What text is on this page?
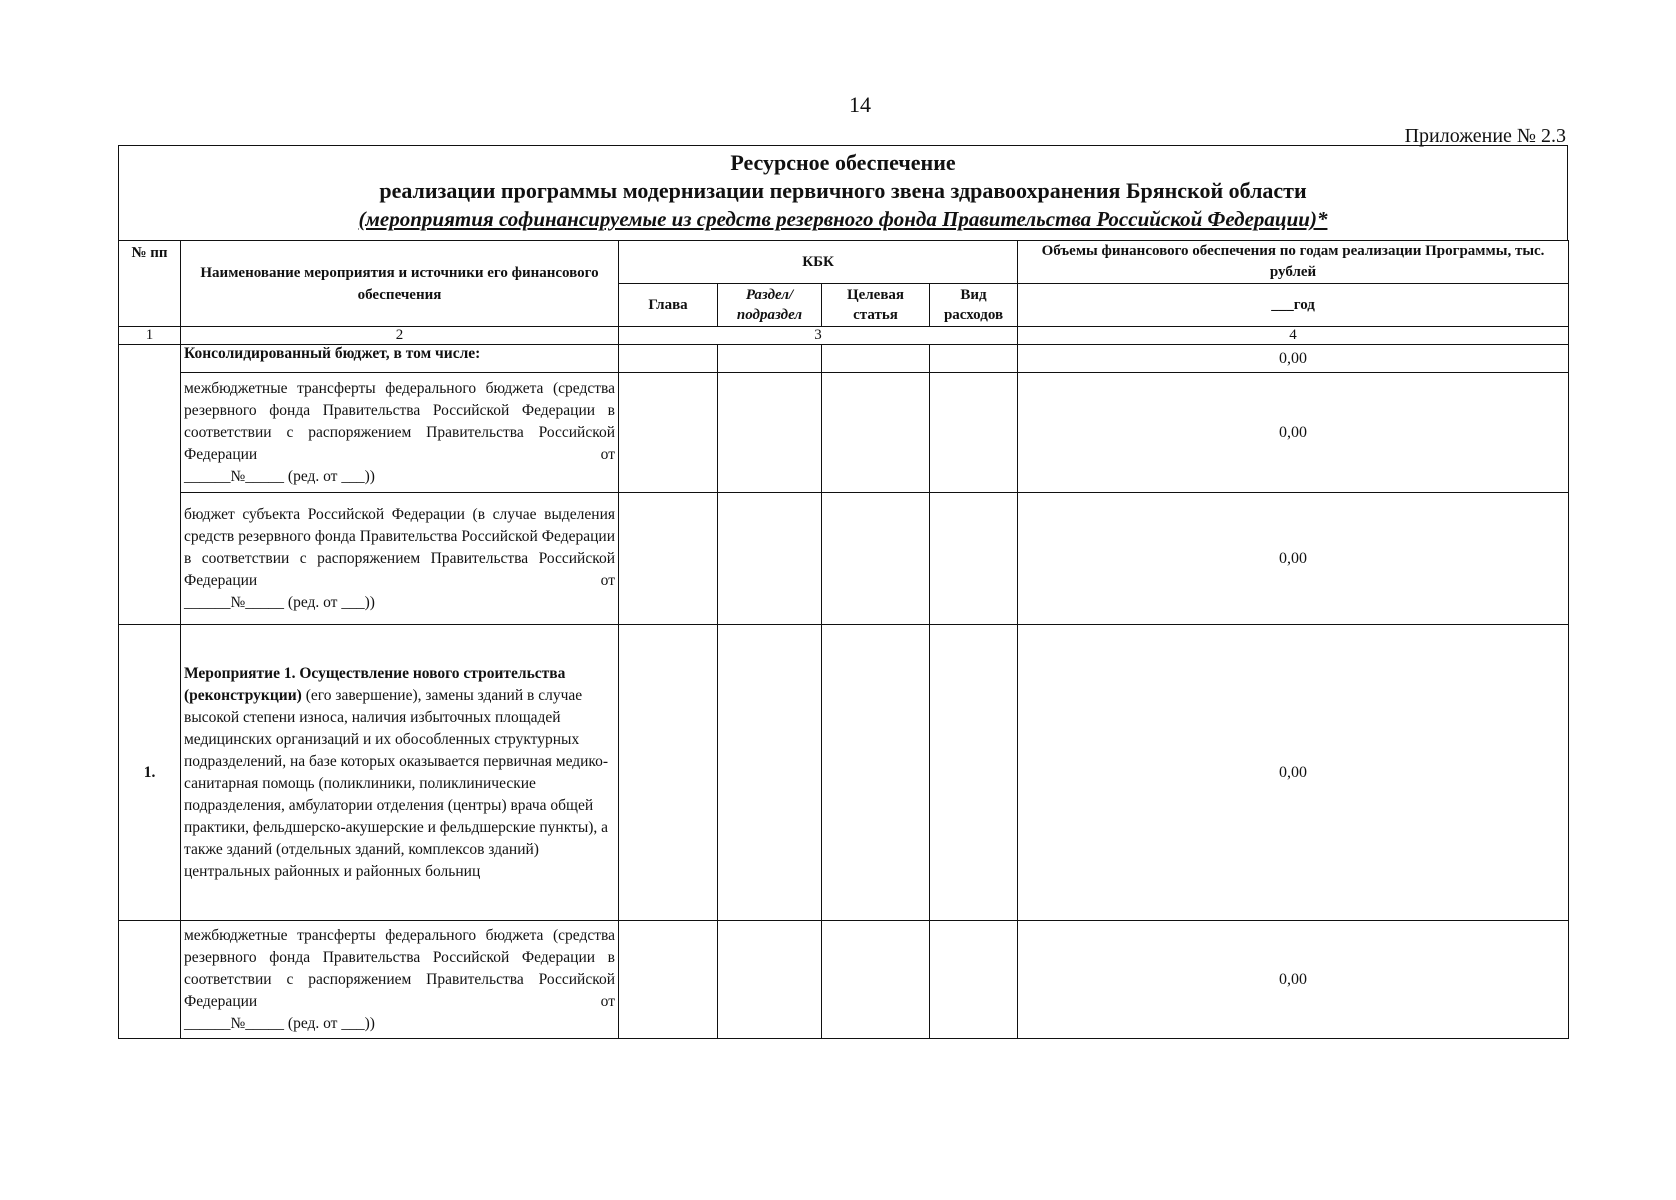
14
Приложение № 2.3
Ресурсное обеспечение
реализации программы модернизации первичного звена здравоохранения Брянской области
(мероприятия софинансируемые из средств резервного фонда Правительства Российской Федерации)*
№ пп	Наименование мероприятия и источники его финансового обеспечения	КБК				Объемы финансового обеспечения по годам реализации Программы, тыс. рублей
		Глава	Раздел/ подраздел	Целевая статья	Вид расходов	___год
1	2	3				4
	Консолидированный бюджет, в том числе:					0,00

	межбюджетные трансферты федерального бюджета (средства резервного фонда Правительства Российской Федерации в соответствии с распоряжением Правительства Российской Федерации от
______№_____ (ред. от ___))					0,00

	бюджет субъекта Российской Федерации (в случае выделения средств резервного фонда Правительства Российской Федерации в соответствии с распоряжением Правительства Российской Федерации от
______№_____ (ред. от ___))					0,00
1.	Мероприятие 1. Осуществление нового строительства (реконструкции) (его завершение), замены зданий в случае высокой степени износа, наличия избыточных площадей медицинских организаций и их обособленных структурных подразделений, на базе которых оказывается первичная медико-санитарная помощь (поликлиники, поликлинические подразделения, амбулатории отделения (центры) врача общей практики, фельдшерско-акушерские и фельдшерские пункты), а также зданий (отдельных зданий, комплексов зданий) центральных районных и районных больниц					0,00

	межбюджетные трансферты федерального бюджета (средства резервного фонда Правительства Российской Федерации в соответствии с распоряжением Правительства Российской Федерации от
______№_____ (ред. от ___))					0,00
